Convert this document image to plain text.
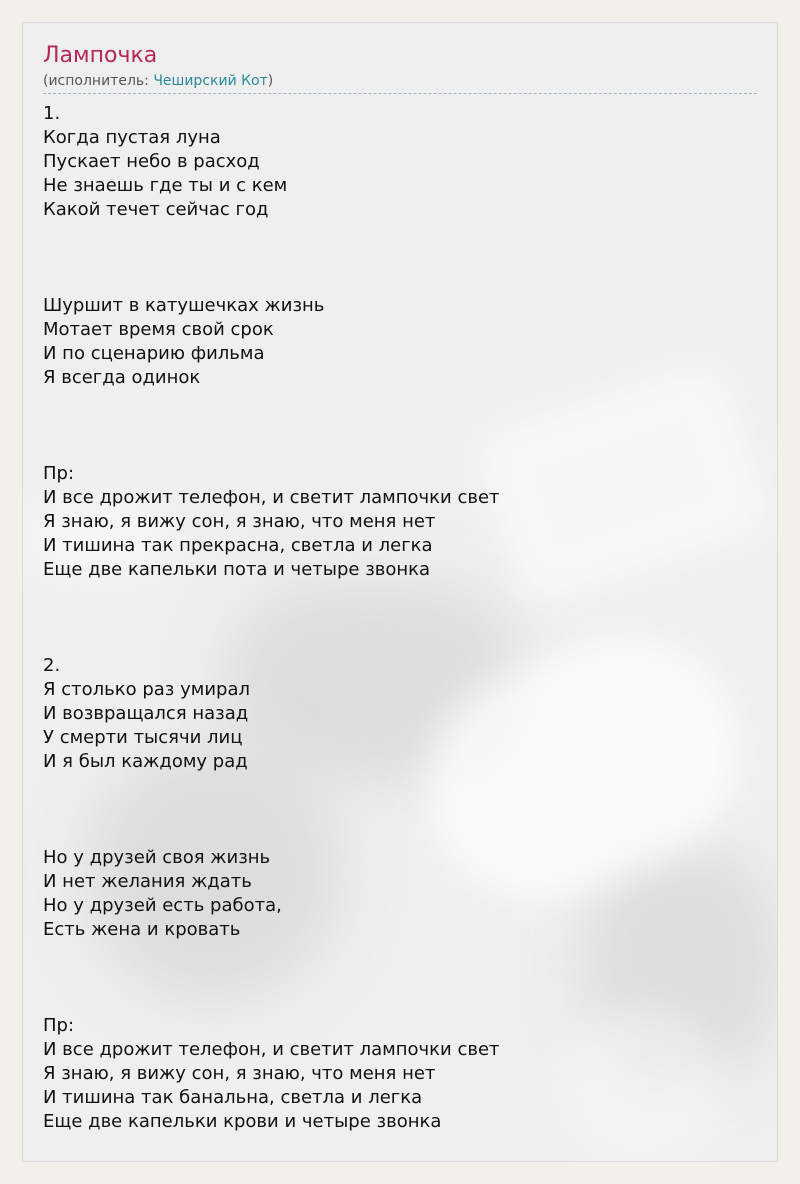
Лампочка
(исполнитель: Чеширский Кот)
1.
Когда пустая луна
Пускает небо в расход
Не знаешь где ты и с кем
Какой течет сейчас год
Шуршит в катушечках жизнь
Мотает время свой срок
И по сценарию фильма
Я всегда одинок
Пр:
И все дрожит телефон, и светит лампочки свет
Я знаю, я вижу сон, я знаю, что меня нет
И тишина так прекрасна, светла и легка
Еще две капельки пота и четыре звонка
2.
Я столько раз умирал
И возвращался назад
У смерти тысячи лиц
И я был каждому рад
Но у друзей своя жизнь
И нет желания ждать
Но у друзей есть работа,
Есть жена и кровать
Пр:
И все дрожит телефон, и светит лампочки свет
Я знаю, я вижу сон, я знаю, что меня нет
И тишина так банальна, светла и легка
Еще две капельки крови и четыре звонка
